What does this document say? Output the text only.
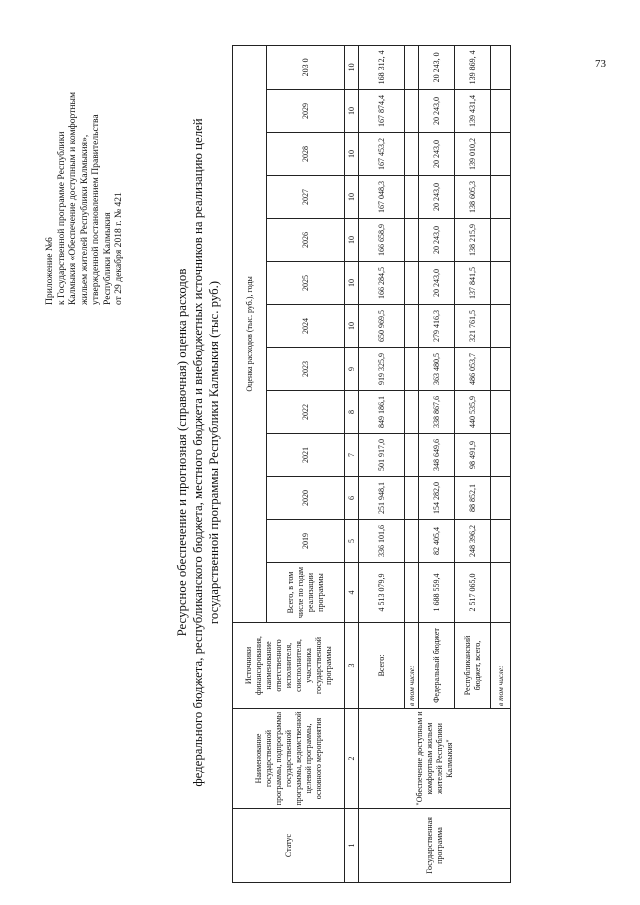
73
Приложение №6 к Государственной программе Республики Калмыкия «Обеспечение доступным и комфортным жильем жителей Республики Калмыкия», утвержденной постановлением Правительства Республики Калмыкия от 29 декабря 2018 г. № 421
Ресурсное обеспечение и прогнозная (справочная) оценка расходов федерального бюджета, республиканского бюджета, местного бюджета и внебюджетных источников на реализацию целей государственной программы Республики Калмыкия (тыс. руб.)
Статус	Наименование государственной программы, подпрограммы государственной программы, ведомственной целевой программы, основного мероприятия	Источники финансирования, наименование ответственного исполнителя, соисполнителя, участника государственной программы	Оценка расходов (тыс. руб.), годы												
			Всего, в том числе по годам реализации программы	2019	2020	2021	2022	2023	2024	2025	2026	2027	2028	2029	203 0
1	2	3	4	5	6	7	8	9	10	10	10	10	10	10	10
Государственная программа	"Обеспечение доступным и комфортным жильем жителей Республики Калмыкия"	Всего:	4 513 079,9	336 101,6	251 948,1	501 917,0	849 186,1	919 325,9	650 969,5	166 284,5	166 658,9	167 048,3	167 453,2	167 874,4	168 312, 4
		в том числе:													
		Федеральный бюджет	1 688 559,4	82 405,4	154 282,0	348 649,6	338 867,6	363 480,5	279 416,3	20 243,0	20 243,0	20 243,0	20 243,0	20 243,0	20 243, 0
		Республиканский бюджет, всего,	2 517 065,0	248 396,2	88 852,1	98 491,9	440 535,9	486 053,7	321 761,5	137 841,5	138 215,9	138 605,3	139 010,2	139 431,4	139 869, 4
		в том числе:													
